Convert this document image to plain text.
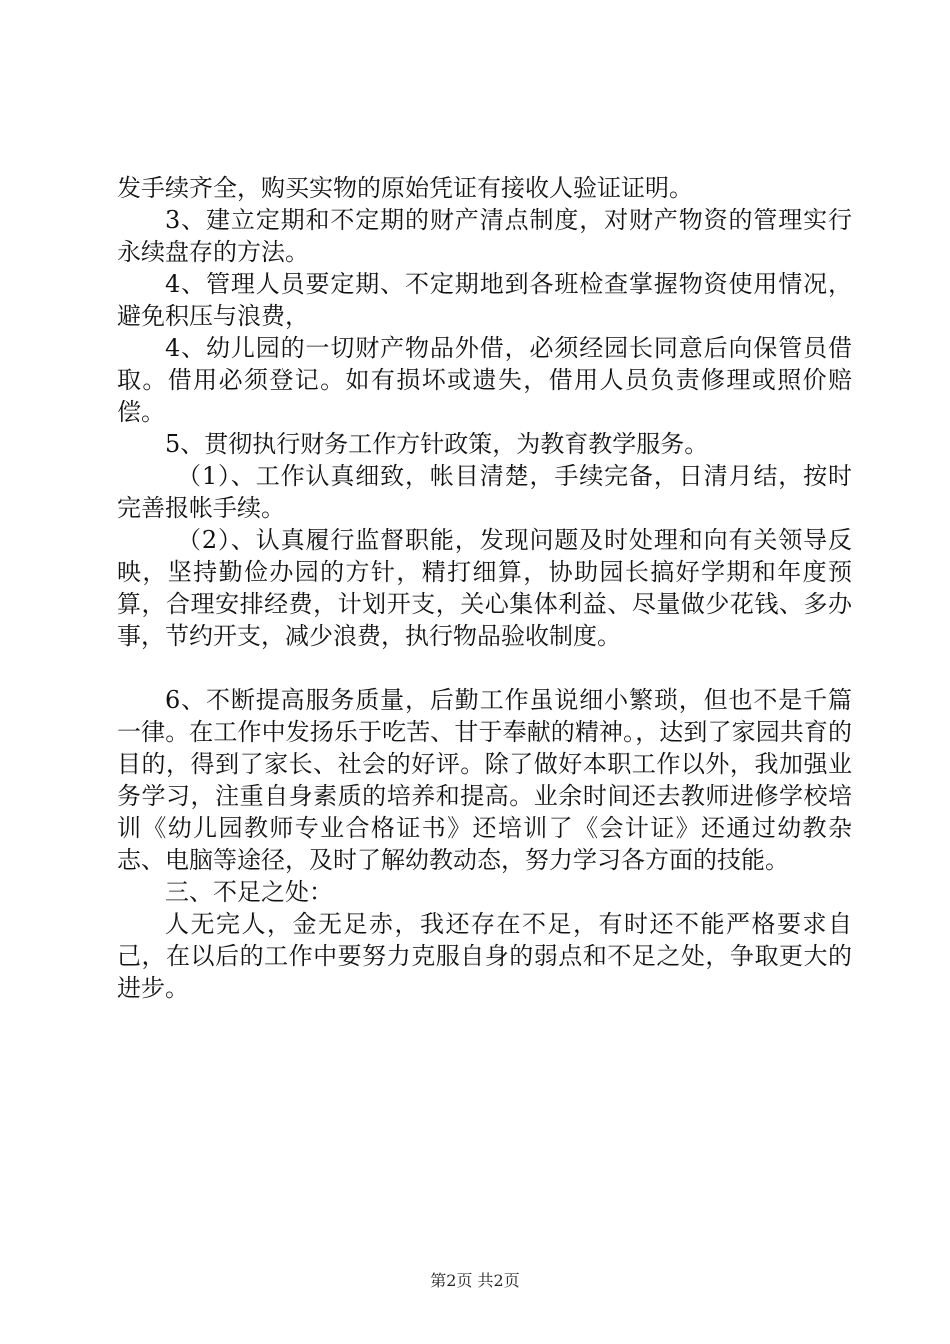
发手续齐全，购买实物的原始凭证有接收人验证证明。

3、建立定期和不定期的财产清点制度，对财产物资的管理实行永续盘存的方法。

4、管理人员要定期、不定期地到各班检查掌握物资使用情况，避免积压与浪费，

4、幼儿园的一切财产物品外借，必须经园长同意后向保管员借取。借用必须登记。如有损坏或遗失，借用人员负责修理或照价赔偿。

5、贯彻执行财务工作方针政策，为教育教学服务。

（1）、工作认真细致，帐目清楚，手续完备，日清月结，按时完善报帐手续。

（2）、认真履行监督职能，发现问题及时处理和向有关领导反映，坚持勤俭办园的方针，精打细算，协助园长搞好学期和年度预算，合理安排经费，计划开支，关心集体利益、尽量做少花钱、多办事，节约开支，减少浪费，执行物品验收制度。

6、不断提高服务质量，后勤工作虽说细小繁琐，但也不是千篇一律。在工作中发扬乐于吃苦、甘于奉献的精神。，达到了家园共育的目的，得到了家长、社会的好评。除了做好本职工作以外，我加强业务学习，注重自身素质的培养和提高。业余时间还去教师进修学校培训《幼儿园教师专业合格证书》还培训了《会计证》还通过幼教杂志、电脑等途径，及时了解幼教动态，努力学习各方面的技能。

三、不足之处：

人无完人，金无足赤，我还存在不足，有时还不能严格要求自己，在以后的工作中要努力克服自身的弱点和不足之处，争取更大的进步。

第2页 共2页
